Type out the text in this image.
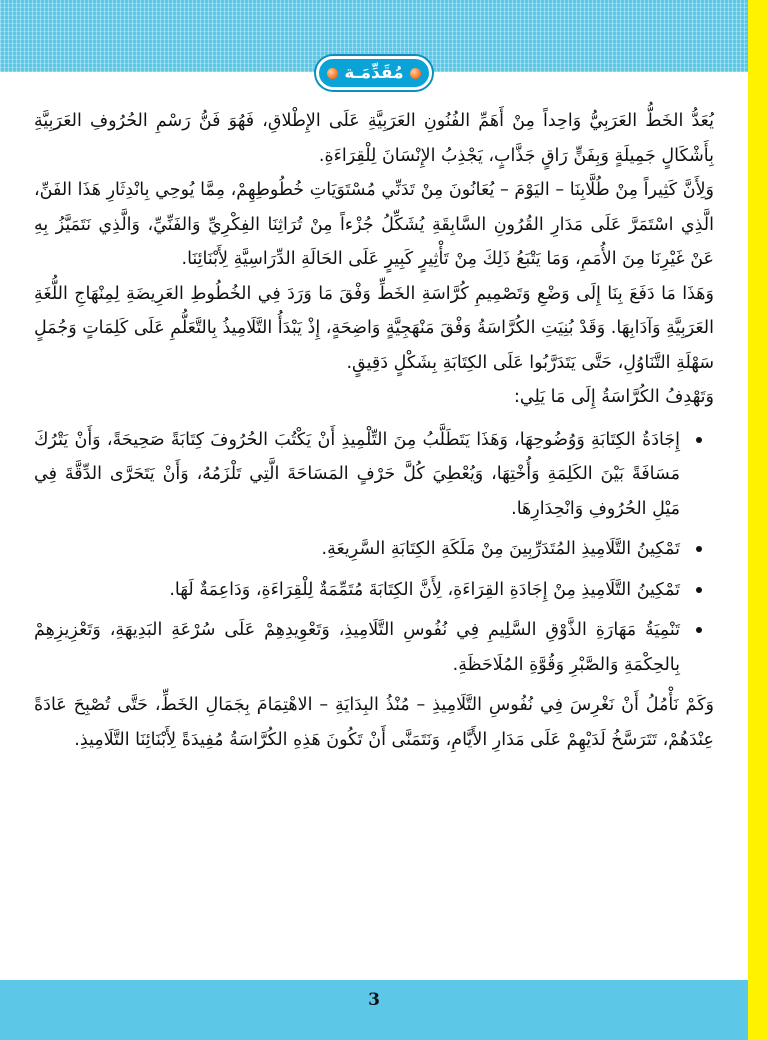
مُقَدِّمَـة

يُعَدُّ الخَطُّ العَرَبِيُّ وَاحِداً مِنْ أَهَمِّ الفُنُونِ العَرَبِيَّةِ عَلَى الإِطْلاقِ، فَهُوَ فَنُّ رَسْمِ الحُرُوفِ العَرَبِيَّةِ بِأَشْكَالٍ جَمِيلَةٍ وَبِفَنٍّ رَاقٍ جَذَّابٍ، يَجْذِبُ الإِنْسَانَ لِلْقِرَاءَةِ.

وَلِأَنَّ كَثِيراً مِنْ طُلَّابِنَا – اليَوْمَ – يُعَانُونَ مِنْ تَدَنِّي مُسْتَوَيَاتِ خُطُوطِهِمْ، مِمَّا يُوحِي بِانْدِثَارِ هَذَا الفَنِّ، الَّذِي اسْتَمَرَّ عَلَى مَدَارِ القُرُونِ السَّابِقَةِ يُشَكِّلُ جُزْءاً مِنْ تُرَاثِنَا الفِكْرِيِّ وَالفَنِّيِّ، وَالَّذِي نَتَمَيَّزُ بِهِ عَنْ غَيْرِنَا مِنَ الأُمَمِ، وَمَا يَتْبَعُ ذَلِكَ مِنْ تَأْثِيرٍ كَبِيرٍ عَلَى الحَالَةِ الدِّرَاسِيَّةِ لِأَبْنَائِنَا.

وَهَذَا مَا دَفَعَ بِنَا إِلَى وَضْعِ وَتَصْمِيمِ كُرَّاسَةِ الخَطِّ وَفْقَ مَا وَرَدَ فِي الخُطُوطِ العَرِيضَةِ لِمِنْهَاجِ اللُّغَةِ العَرَبِيَّةِ وَآدَابِهَا. وَقَدْ بُنِيَتِ الكُرَّاسَةُ وَفْقَ مَنْهَجِيَّةٍ وَاضِحَةٍ، إِذْ يَبْدَأُ التَّلَامِيذُ بِالتَّعَلُّمِ عَلَى كَلِمَاتٍ وَجُمَلٍ سَهْلَةِ التَّنَاوُلِ، حَتَّى يَتَدَرَّبُوا عَلَى الكِتَابَةِ بِشَكْلٍ دَقِيقٍ.

وَتَهْدِفُ الكُرَّاسَةُ إِلَى مَا يَلِي:

إِجَادَةُ الكِتَابَةِ وَوُضُوحِهَا، وَهَذَا يَتَطَلَّبُ مِنَ التِّلْمِيذِ أَنْ يَكْتُبَ الحُرُوفَ كِتَابَةً صَحِيحَةً، وَأَنْ يَتْرُكَ مَسَافَةً بَيْنَ الكَلِمَةِ وَأُخْتِهَا، وَيُعْطِيَ كُلَّ حَرْفٍ المَسَاحَةَ الَّتِي تَلْزَمُهُ، وَأَنْ يَتَحَرَّى الدِّقَّةَ فِي مَيْلِ الحُرُوفِ وَانْحِدَارِهَا.
تَمْكِينُ التَّلَامِيذِ المُتَدَرِّبِينَ مِنْ مَلَكَةِ الكِتَابَةِ السَّرِيعَةِ.
تَمْكِينُ التَّلَامِيذِ مِنْ إِجَادَةِ القِرَاءَةِ، لِأَنَّ الكِتَابَةَ مُتَمِّمَةٌ لِلْقِرَاءَةِ، وَدَاعِمَةٌ لَهَا.
تَنْمِيَةُ مَهَارَةِ الذَّوْقِ السَّلِيمِ فِي نُفُوسِ التَّلَامِيذِ، وَتَعْوِيدِهِمْ عَلَى سُرْعَةِ البَدِيهَةِ، وَتَعْزِيزِهِمْ بِالحِكْمَةِ وَالصَّبْرِ وَقُوَّةِ المُلَاحَظَةِ.

وَكَمْ نَأْمُلُ أَنْ نَغْرِسَ فِي نُفُوسِ التَّلَامِيذِ – مُنْذُ البِدَايَةِ – الاهْتِمَامَ بِجَمَالِ الخَطِّ، حَتَّى تُصْبِحَ عَادَةً عِنْدَهُمْ، تَتَرَسَّخُ لَدَيْهِمْ عَلَى مَدَارِ الأَيَّامِ، وَنَتَمَنَّى أَنْ تَكُونَ هَذِهِ الكُرَّاسَةُ مُفِيدَةً لِأَبْنَائِنَا التَّلَامِيذِ.

3
